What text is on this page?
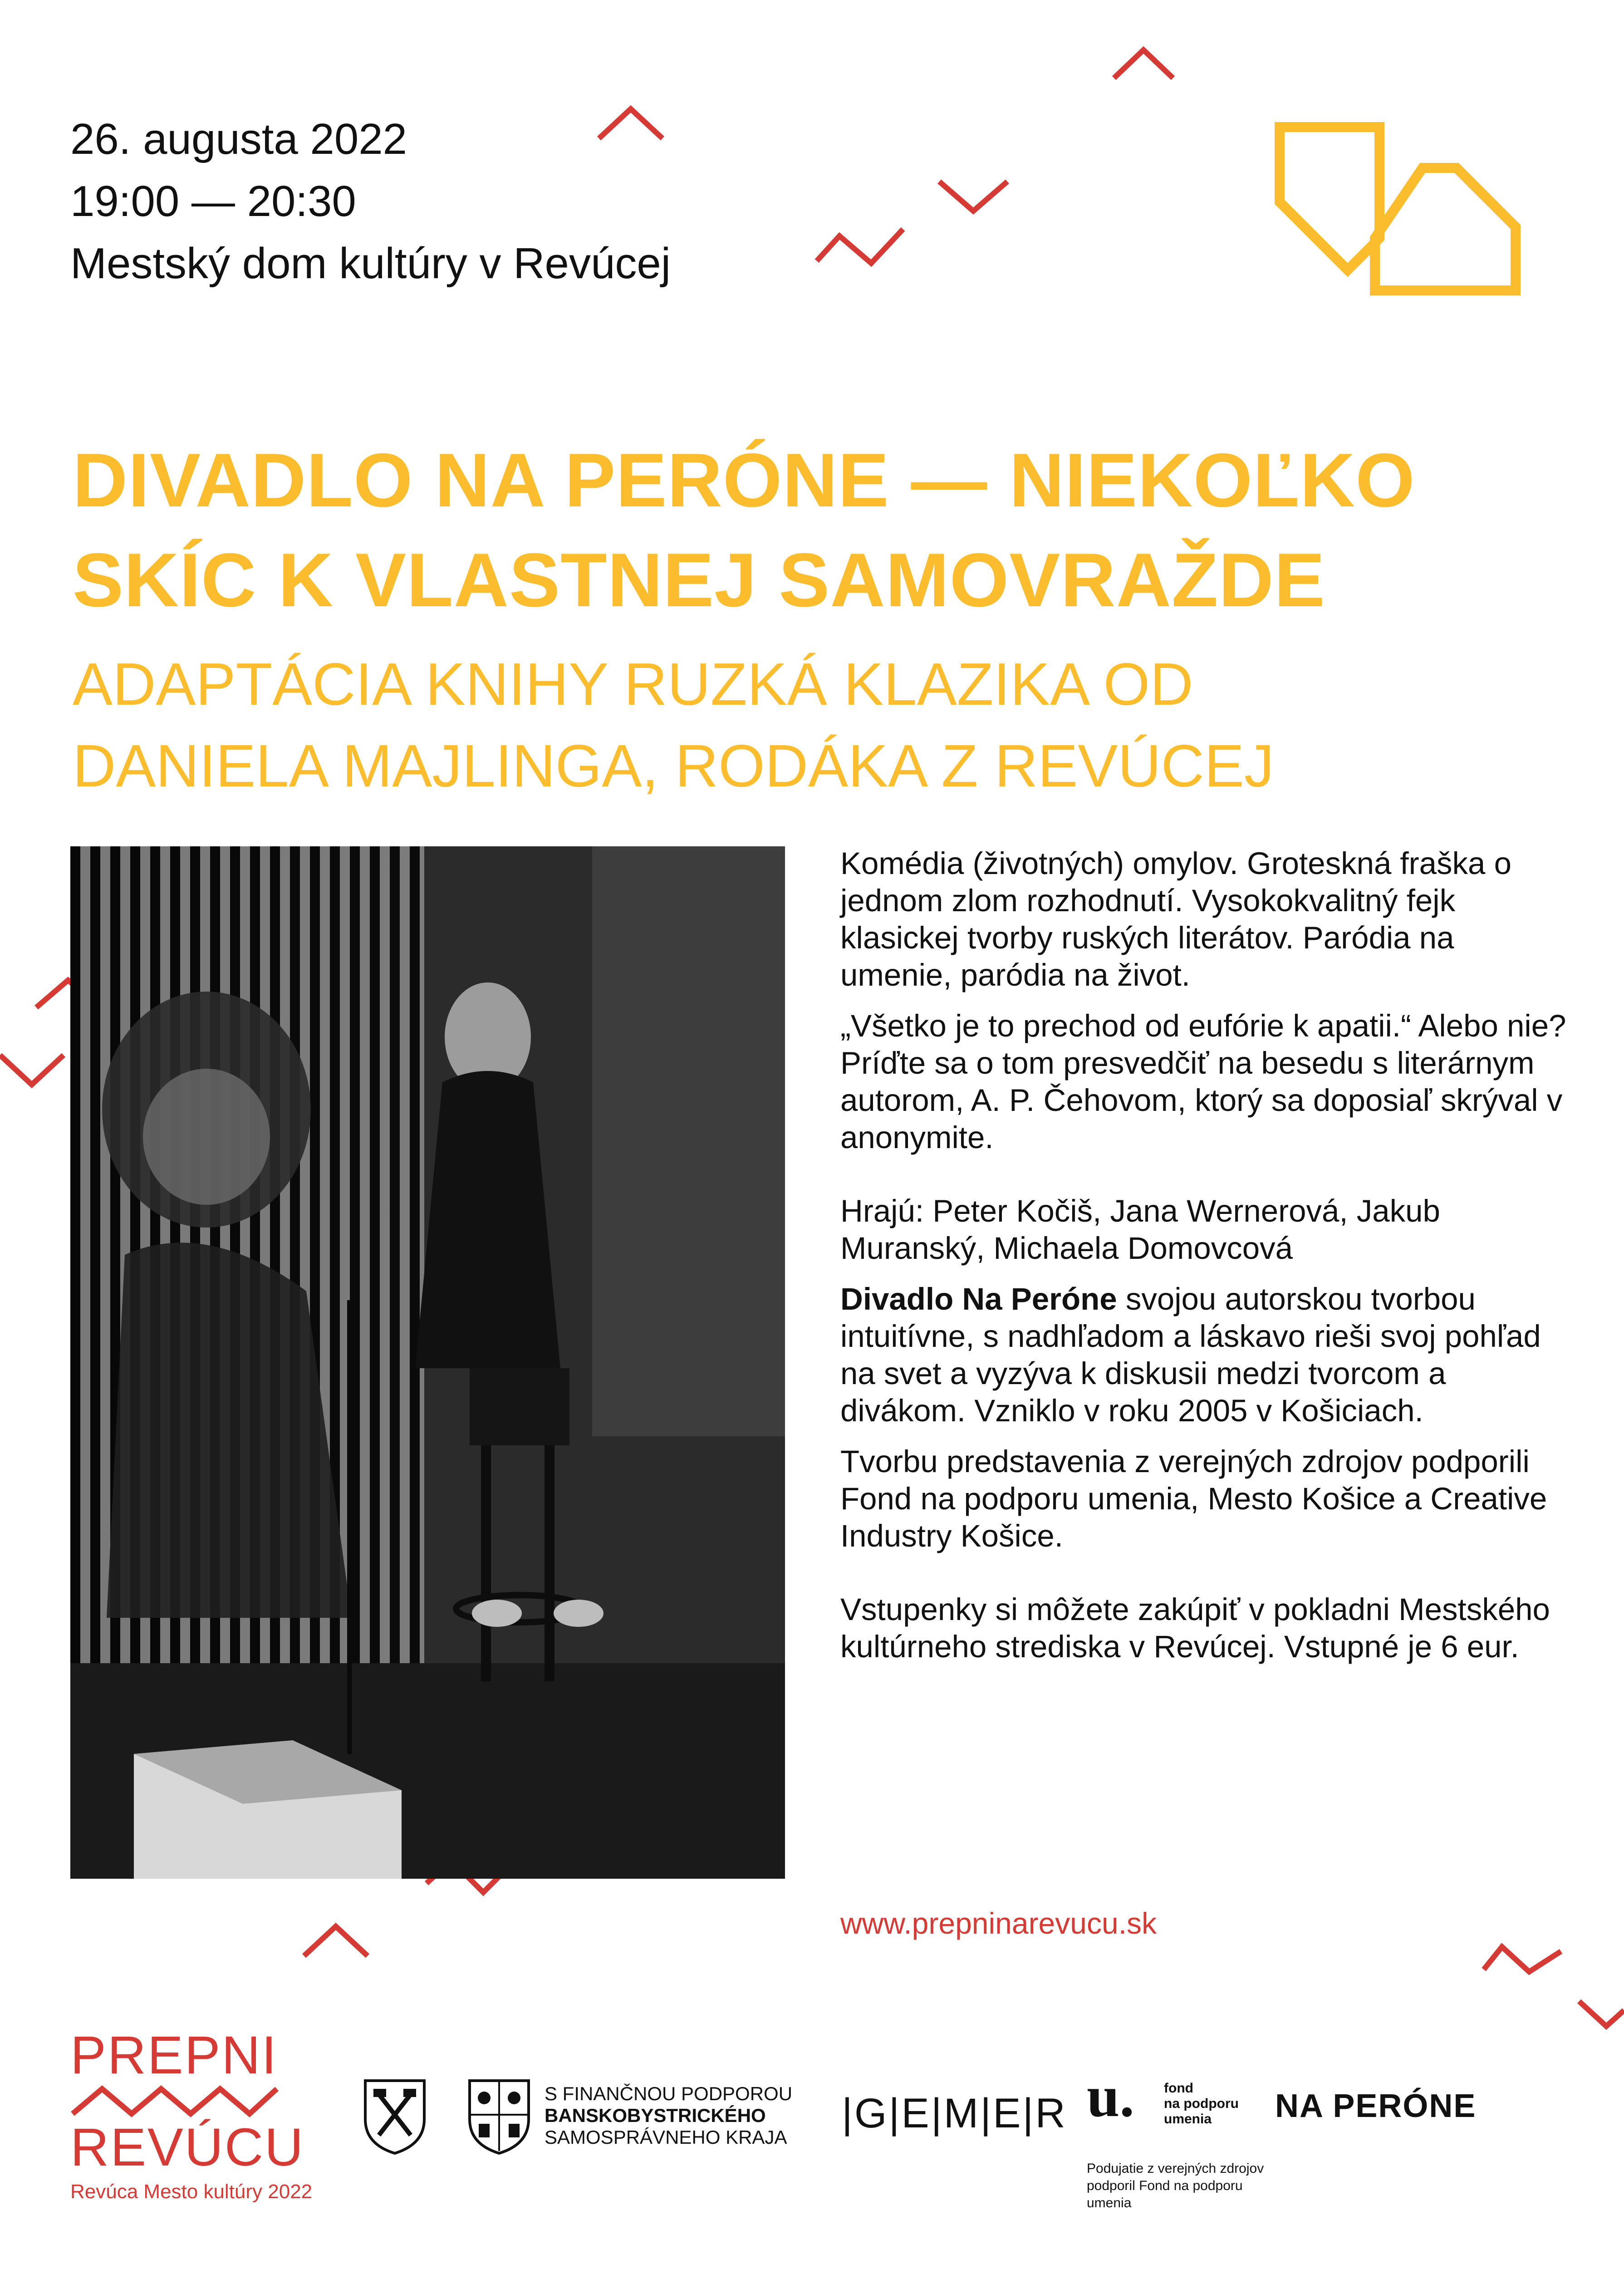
26. augusta 2022
19:00 — 20:30
Mestský dom kultúry v Revúcej
DIVADLO NA PERÓNE — NIEKOĽKO
SKÍC K VLASTNEJ SAMOVRAŽDE
ADAPTÁCIA KNIHY RUZKÁ KLAZIKA OD
DANIELA MAJLINGA, RODÁKA Z REVÚCEJ

Komédia (životných) omylov. Groteskná fraška o jednom zlom rozhodnutí. Vysokokvalitný fejk klasickej tvorby ruských literátov. Paródia na umenie, paródia na život.

„Všetko je to prechod od eufórie k apatii.“ Alebo nie? Príďte sa o tom presvedčiť na besedu s literárnym autorom, A. P. Čehovom, ktorý sa doposiaľ skrýval v anonymite.

Hrajú: Peter Kočiš, Jana Wernerová, Jakub Muranský, Michaela Domovcová

Divadlo Na Peróne svojou autorskou tvorbou intuitívne, s nadhľadom a láskavo rieši svoj pohľad na svet a vyzýva k diskusii medzi tvorcom a divákom. Vzniklo v roku 2005 v Košiciach.

Tvorbu predstavenia z verejných zdrojov podporili Fond na podporu umenia, Mesto Košice a Creative Industry Košice.

Vstupenky si môžete zakúpiť v pokladni Mestského kultúrneho strediska v Revúcej. Vstupné je 6 eur.

www.prepninarevucu.sk
PREPNI
REVÚCU
Revúca Mesto kultúry 2022
S FINANČNOU PODPOROU
BANSKOBYSTRICKÉHO
SAMOSPRÁVNEHO KRAJA
|G|E|M|E|R u. fond
na podporu
umenia
Podujatie z verejných zdrojov podporil Fond na podporu umenia
NA PERÓNE
